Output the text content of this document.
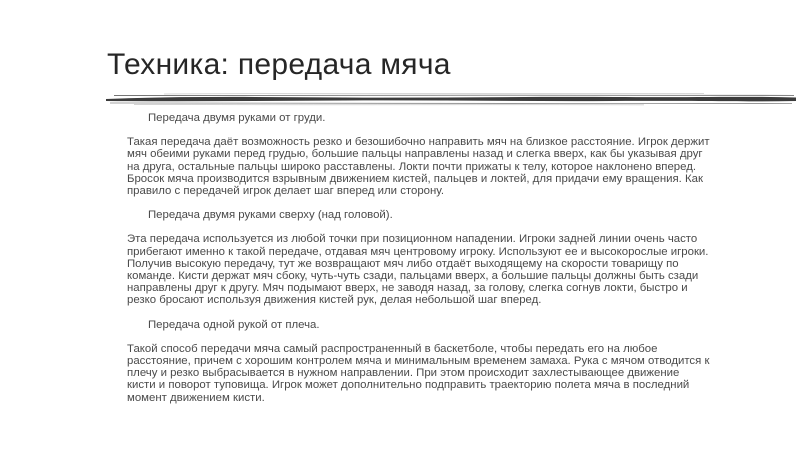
Техника: передача мяча

Передача двумя руками от груди.

Такая передача даёт возможность резко и безошибочно направить мяч на близкое расстояние. Игрок держит мяч обеими руками перед грудью, большие пальцы направлены назад и слегка вверх, как бы указывая друг на друга, остальные пальцы широко расставлены. Локти почти прижаты к телу, которое наклонено вперед. Бросок мяча производится взрывным движением кистей, пальцев и локтей, для придачи ему вращения. Как правило с передачей игрок делает шаг вперед или сторону.

Передача двумя руками сверху (над головой).

Эта передача используется из любой точки при позиционном нападении. Игроки задней линии очень часто прибегают именно к такой передаче, отдавая мяч центровому игроку. Используют ее и высокорослые игроки. Получив высокую передачу, тут же возвращают мяч либо отдаёт выходящему на скорости товарищу по команде. Кисти держат мяч сбоку, чуть-чуть сзади, пальцами вверх, а большие пальцы должны быть сзади направлены друг к другу. Мяч подымают вверх, не заводя назад, за голову, слегка согнув локти, быстро и резко бросают используя движения кистей рук, делая небольшой шаг вперед.

Передача одной рукой от плеча.

Такой способ передачи мяча самый распространенный в баскетболе, чтобы передать его на любое расстояние, причем с хорошим контролем мяча и минимальным временем замаха. Рука с мячом отводится к плечу и резко выбрасывается в нужном направлении. При этом происходит захлестывающее движение кисти и поворот туповища. Игрок может дополнительно подправить траекторию полета мяча в последний момент движением кисти.
